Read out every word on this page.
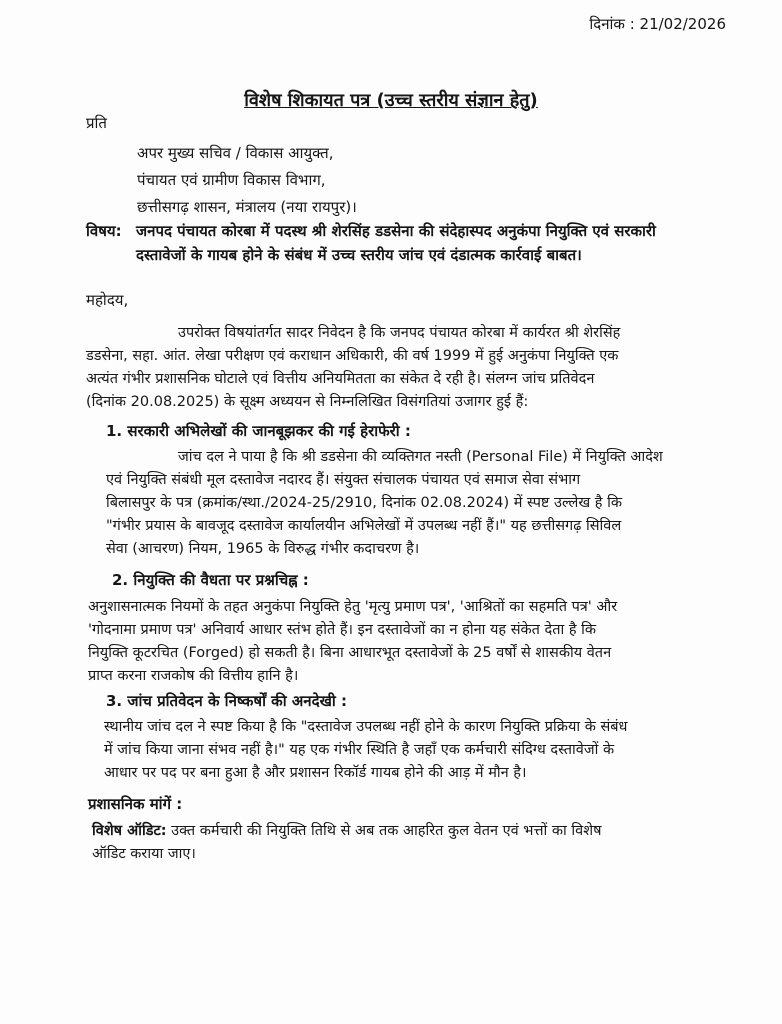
दिनांक : 21/02/2026
विशेष शिकायत पत्र (उच्च स्तरीय संज्ञान हेतु)
प्रति
अपर मुख्य सचिव / विकास आयुक्त,
पंचायत एवं ग्रामीण विकास विभाग,
छत्तीसगढ़ शासन, मंत्रालय (नया रायपुर)।
विषय: जनपद पंचायत कोरबा में पदस्थ श्री शेरसिंह डडसेना की संदेहास्पद अनुकंपा नियुक्ति एवं सरकारी
दस्तावेजों के गायब होने के संबंध में उच्च स्तरीय जांच एवं दंडात्मक कार्रवाई बाबत।
महोदय,
उपरोक्त विषयांतर्गत सादर निवेदन है कि जनपद पंचायत कोरबा में कार्यरत श्री शेरसिंह
डडसेना, सहा. आंत. लेखा परीक्षण एवं कराधान अधिकारी, की वर्ष 1999 में हुई अनुकंपा नियुक्ति एक
अत्यंत गंभीर प्रशासनिक घोटाले एवं वित्तीय अनियमितता का संकेत दे रही है। संलग्न जांच प्रतिवेदन
(दिनांक 20.08.2025) के सूक्ष्म अध्ययन से निम्नलिखित विसंगतियां उजागर हुई हैं:
1. सरकारी अभिलेखों की जानबूझकर की गई हेराफेरी :
जांच दल ने पाया है कि श्री डडसेना की व्यक्तिगत नस्ती (Personal File) में नियुक्ति आदेश
एवं नियुक्ति संबंधी मूल दस्तावेज नदारद हैं। संयुक्त संचालक पंचायत एवं समाज सेवा संभाग
बिलासपुर के पत्र (क्रमांक/स्था./2024-25/2910, दिनांक 02.08.2024) में स्पष्ट उल्लेख है कि
"गंभीर प्रयास के बावजूद दस्तावेज कार्यालयीन अभिलेखों में उपलब्ध नहीं हैं।" यह छत्तीसगढ़ सिविल
सेवा (आचरण) नियम, 1965 के विरुद्ध गंभीर कदाचरण है।
2. नियुक्ति की वैधता पर प्रश्नचिह्न :
अनुशासनात्मक नियमों के तहत अनुकंपा नियुक्ति हेतु 'मृत्यु प्रमाण पत्र', 'आश्रितों का सहमति पत्र' और
'गोदनामा प्रमाण पत्र' अनिवार्य आधार स्तंभ होते हैं। इन दस्तावेजों का न होना यह संकेत देता है कि
नियुक्ति कूटरचित (Forged) हो सकती है। बिना आधारभूत दस्तावेजों के 25 वर्षों से शासकीय वेतन
प्राप्त करना राजकोष की वित्तीय हानि है।
3. जांच प्रतिवेदन के निष्कर्षों की अनदेखी :
स्थानीय जांच दल ने स्पष्ट किया है कि "दस्तावेज उपलब्ध नहीं होने के कारण नियुक्ति प्रक्रिया के संबंध
में जांच किया जाना संभव नहीं है।" यह एक गंभीर स्थिति है जहाँ एक कर्मचारी संदिग्ध दस्तावेजों के
आधार पर पद पर बना हुआ है और प्रशासन रिकॉर्ड गायब होने की आड़ में मौन है।
प्रशासनिक मांगें :
विशेष ऑडिट: उक्त कर्मचारी की नियुक्ति तिथि से अब तक आहरित कुल वेतन एवं भत्तों का विशेष
ऑडिट कराया जाए।
